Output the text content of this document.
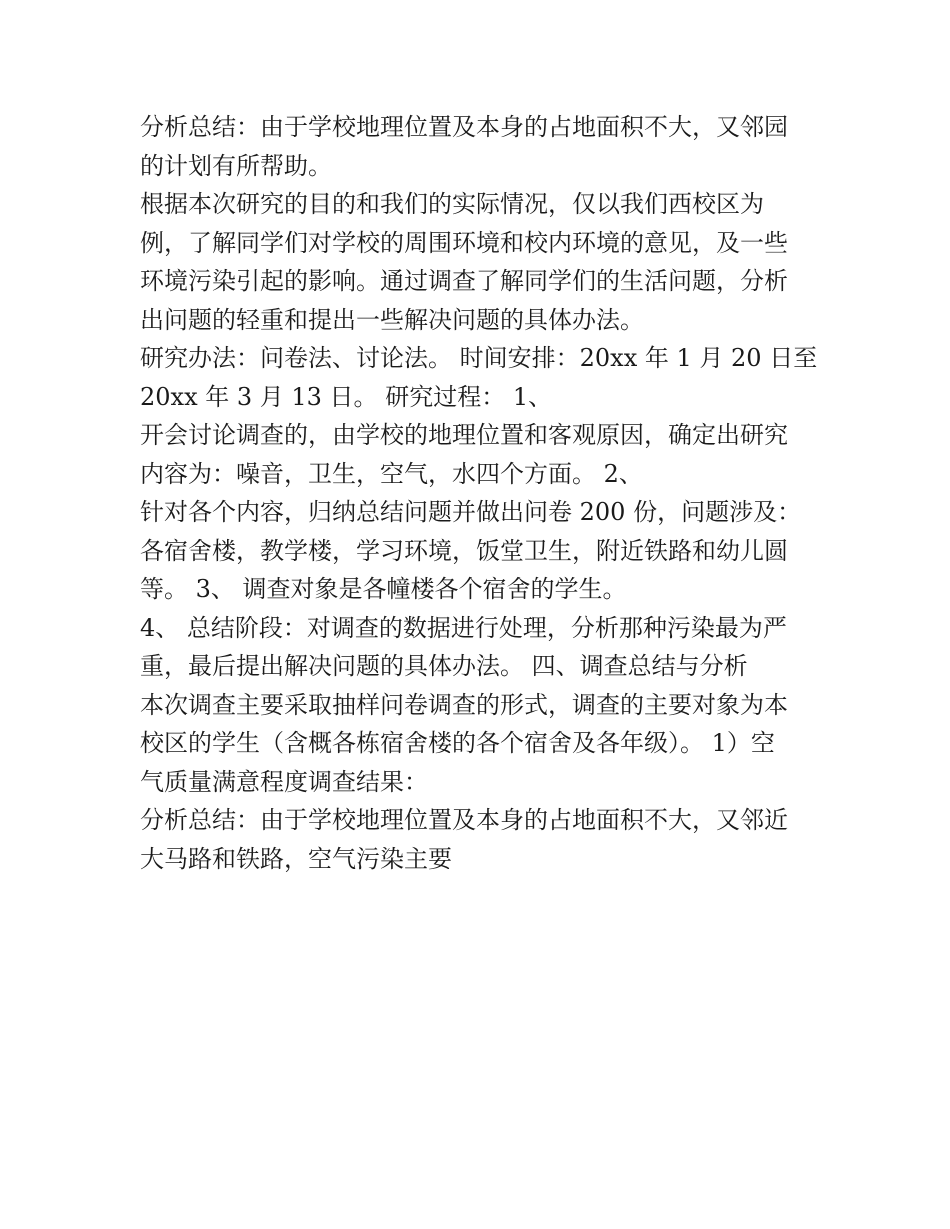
分析总结：由于学校地理位置及本身的占地面积不大，又邻园

的计划有所帮助。

根据本次研究的目的和我们的实际情况，仅以我们西校区为

例，了解同学们对学校的周围环境和校内环境的意见，及一些

环境污染引起的影响。通过调查了解同学们的生活问题，分析

出问题的轻重和提出一些解决问题的具体办法。

研究办法：问卷法、讨论法。 时间安排：20xx 年 1 月 20 日至

20xx 年 3 月 13 日。 研究过程： 1、

开会讨论调查的，由学校的地理位置和客观原因，确定出研究

内容为：噪音，卫生，空气，水四个方面。 2、

针对各个内容，归纳总结问题并做出问卷 200 份，问题涉及：

各宿舍楼，教学楼，学习环境，饭堂卫生，附近铁路和幼儿圆

等。 3、 调查对象是各幢楼各个宿舍的学生。

4、 总结阶段：对调查的数据进行处理，分析那种污染最为严

重，最后提出解决问题的具体办法。 四、调查总结与分析

本次调查主要采取抽样问卷调查的形式，调查的主要对象为本

校区的学生（含概各栋宿舍楼的各个宿舍及各年级）。 1）空

气质量满意程度调查结果：

分析总结：由于学校地理位置及本身的占地面积不大，又邻近

大马路和铁路，空气污染主要
